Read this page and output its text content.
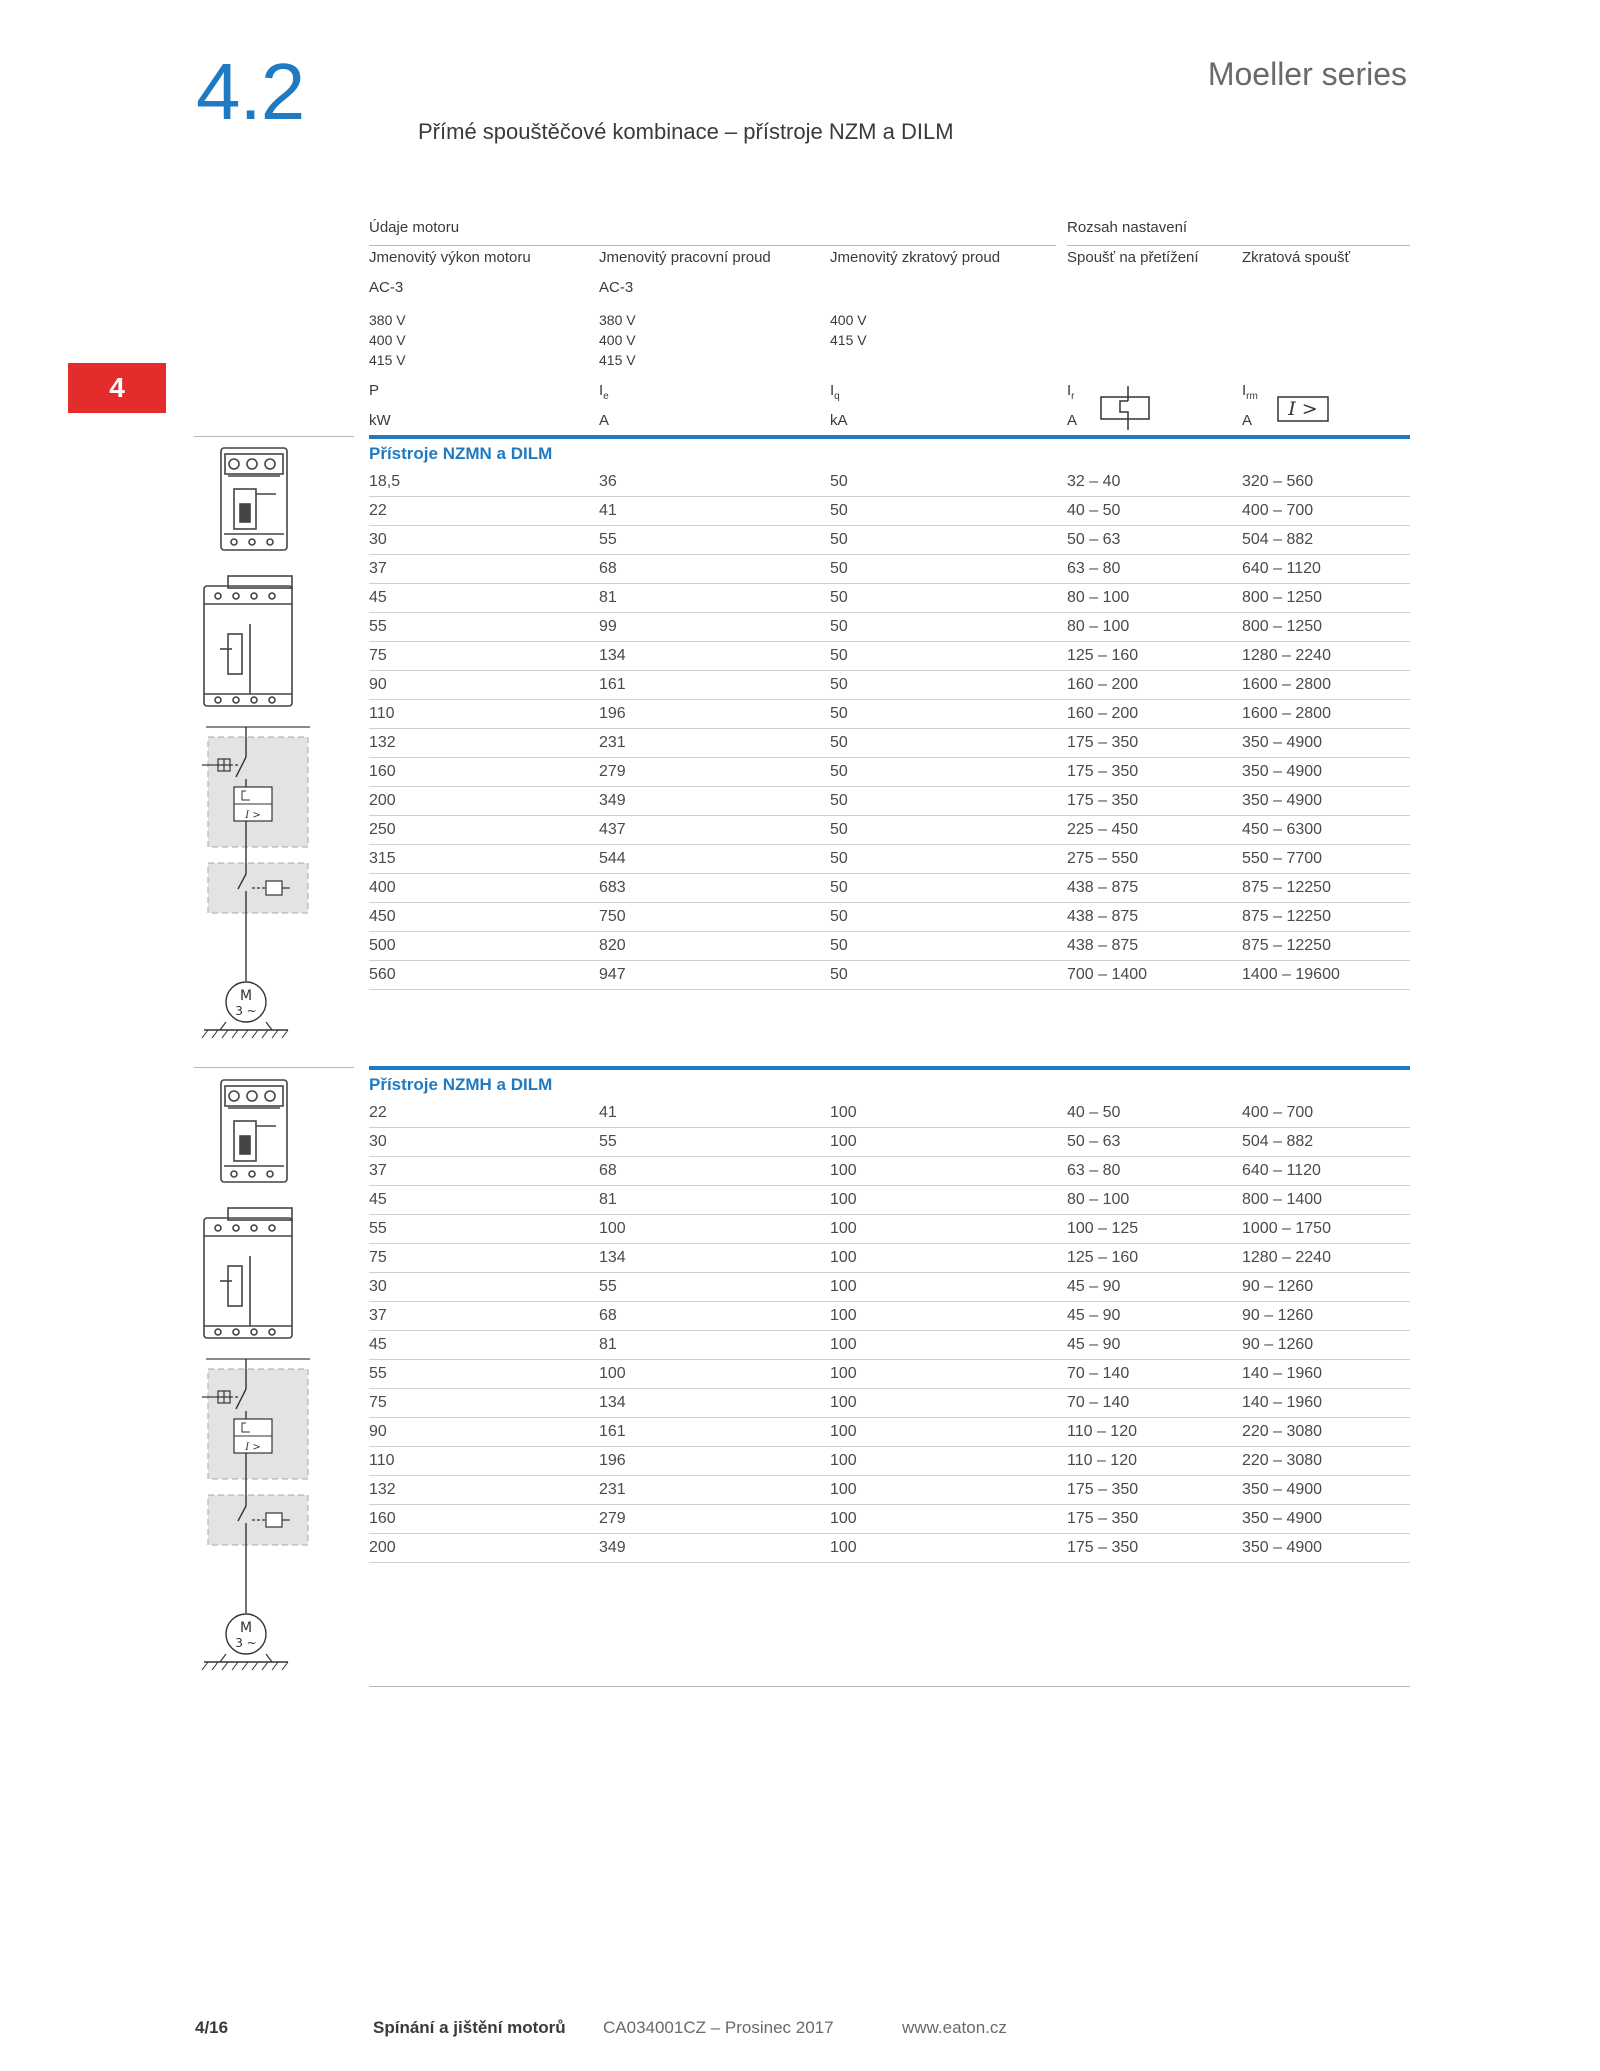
4.2	Moeller series
Přímé spouštěčové kombinace – přístroje NZM a DILM
4
Údaje motoru	Rozsah nastavení
Jmenovitý výkon motoru	Jmenovitý pracovní proud	Jmenovitý zkratový proud	Spoušť na přetížení	Zkratová spoušť
AC-3	AC-3
380 V
400 V
415 V
380 V
400 V
415 V
400 V
415 V
P	$I_e$	$I_q$	$I_r$	$I_{rm}$
I >
kW	A	kA	A	A
Přístroje NZMN a DILM
18,5	36	50	32 – 40	320 – 560
22	41	50	40 – 50	400 – 700
30	55	50	50 – 63	504 – 882
37	68	50	63 – 80	640 – 1120
45	81	50	80 – 100	800 – 1250
55	99	50	80 – 100	800 – 1250
75	134	50	125 – 160	1280 – 2240
90	161	50	160 – 200	1600 – 2800
110	196	50	160 – 200	1600 – 2800
132	231	50	175 – 350	350 – 4900
160	279	50	175 – 350	350 – 4900
200	349	50	175 – 350	350 – 4900
250	437	50	225 – 450	450 – 6300
315	544	50	275 – 550	550 – 7700
400	683	50	438 – 875	875 – 12250
450	750	50	438 – 875	875 – 12250
500	820	50	438 – 875	875 – 12250
560	947	50	700 – 1400	1400 – 19600
Přístroje NZMH a DILM
22	41	100	40 – 50	400 – 700
30	55	100	50 – 63	504 – 882
37	68	100	63 – 80	640 – 1120
45	81	100	80 – 100	800 – 1400
55	100	100	100 – 125	1000 – 1750
75	134	100	125 – 160	1280 – 2240
30	55	100	45 – 90	90 – 1260
37	68	100	45 – 90	90 – 1260
45	81	100	45 – 90	90 – 1260
55	100	100	70 – 140	140 – 1960
75	134	100	70 – 140	140 – 1960
90	161	100	110 – 120	220 – 3080
110	196	100	110 – 120	220 – 3080
132	231	100	175 – 350	350 – 4900
160	279	100	175 – 350	350 – 4900
200	349	100	175 – 350	350 – 4900
I >
M
3 ~
I >
M
3 ~
4/16	Spínání a jištění motorů CA034001CZ – Prosinec 2017	www.eaton.cz
